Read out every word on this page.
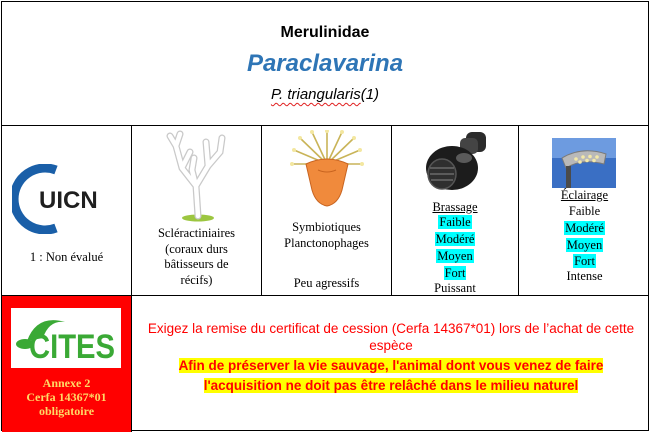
Merulinidae
Paraclavarina
P. triangularis(1)
UICN
1 : Non évalué
Scléractiniaires
(coraux durs
bâtisseurs de
récifs)
Symbiotiques
Planctonophages
Peu agressifs
Brassage
Faible
Modéré
Moyen
Fort
Puissant
Éclairage
Faible
Modéré
Moyen
Fort
Intense
CITES
Annexe 2
Cerfa 14367*01
obligatoire
Exigez la remise du certificat de cession (Cerfa 14367*01) lors de l’achat de cette espèce
Afin de préserver la vie sauvage, l'animal dont vous venez de faire
l'acquisition ne doit pas être relâché dans le milieu naturel
